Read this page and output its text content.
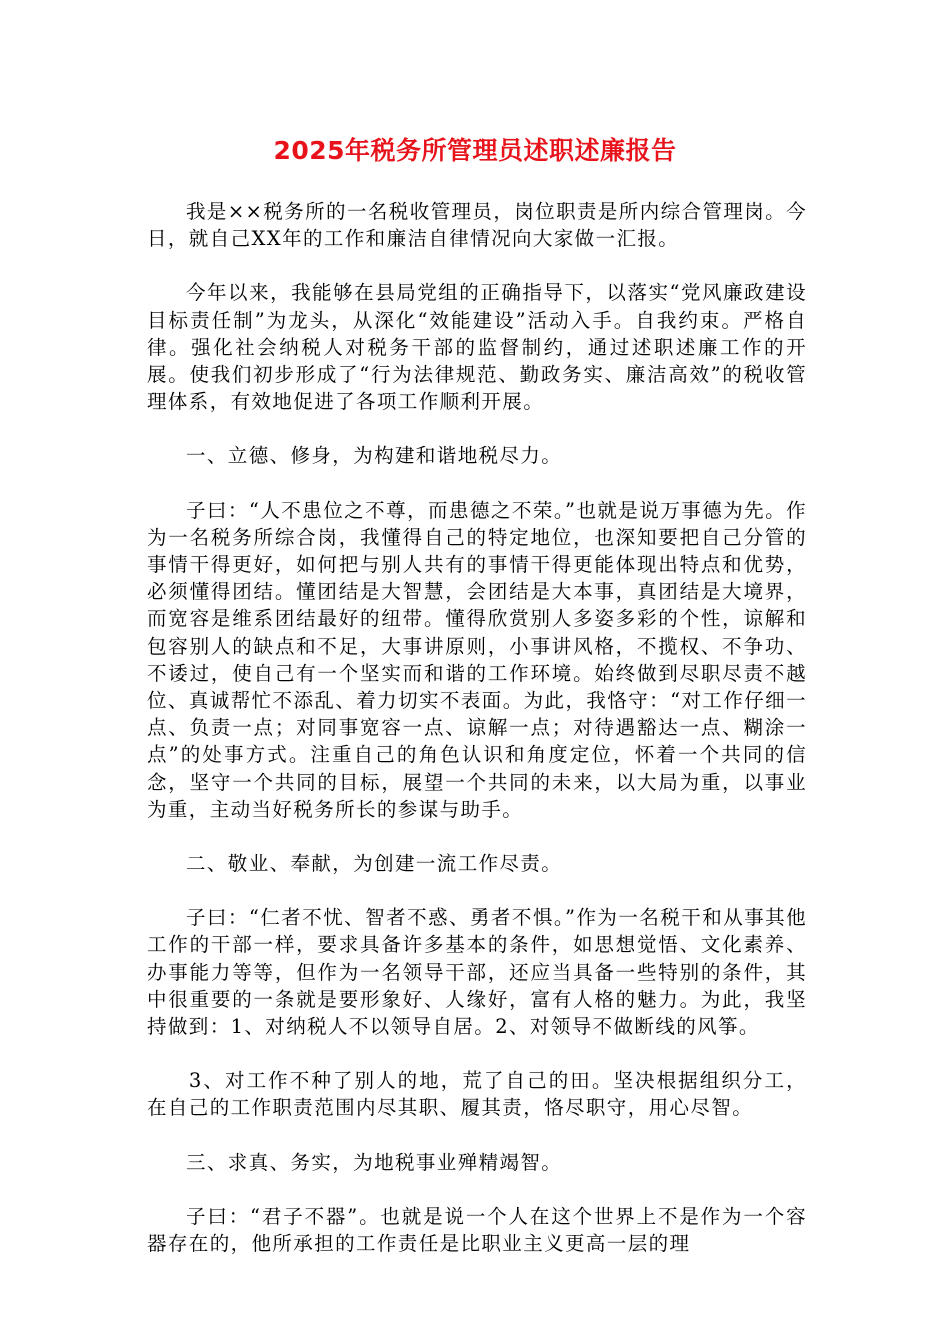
2025年税务所管理员述职述廉报告

我是××税务所的一名税收管理员，岗位职责是所内综合管理岗。今日，就自己XX年的工作和廉洁自律情况向大家做一汇报。

今年以来，我能够在县局党组的正确指导下，以落实“党风廉政建设目标责任制”为龙头，从深化“效能建设”活动入手。自我约束。严格自律。强化社会纳税人对税务干部的监督制约，通过述职述廉工作的开展。使我们初步形成了“行为法律规范、勤政务实、廉洁高效”的税收管理体系，有效地促进了各项工作顺利开展。

一、立德、修身，为构建和谐地税尽力。

子曰：“人不患位之不尊，而患德之不荣。”也就是说万事德为先。作为一名税务所综合岗，我懂得自己的特定地位，也深知要把自己分管的事情干得更好，如何把与别人共有的事情干得更能体现出特点和优势，必须懂得团结。懂团结是大智慧，会团结是大本事，真团结是大境界，而宽容是维系团结最好的纽带。懂得欣赏别人多姿多彩的个性，谅解和包容别人的缺点和不足，大事讲原则，小事讲风格，不揽权、不争功、不诿过，使自己有一个坚实而和谐的工作环境。始终做到尽职尽责不越位、真诚帮忙不添乱、着力切实不表面。为此，我恪守：“对工作仔细一点、负责一点；对同事宽容一点、谅解一点；对待遇豁达一点、糊涂一点”的处事方式。注重自己的角色认识和角度定位，怀着一个共同的信念，坚守一个共同的目标，展望一个共同的未来，以大局为重，以事业为重，主动当好税务所长的参谋与助手。

二、敬业、奉献，为创建一流工作尽责。

子曰：“仁者不忧、智者不惑、勇者不惧。”作为一名税干和从事其他工作的干部一样，要求具备许多基本的条件，如思想觉悟、文化素养、办事能力等等，但作为一名领导干部，还应当具备一些特别的条件，其中很重要的一条就是要形象好、人缘好，富有人格的魅力。为此，我坚持做到：1、对纳税人不以领导自居。2、对领导不做断线的风筝。

3、对工作不种了别人的地，荒了自己的田。坚决根据组织分工，在自己的工作职责范围内尽其职、履其责，恪尽职守，用心尽智。

三、求真、务实，为地税事业殚精竭智。

子曰：“君子不器”。也就是说一个人在这个世界上不是作为一个容器存在的，他所承担的工作责任是比职业主义更高一层的理
